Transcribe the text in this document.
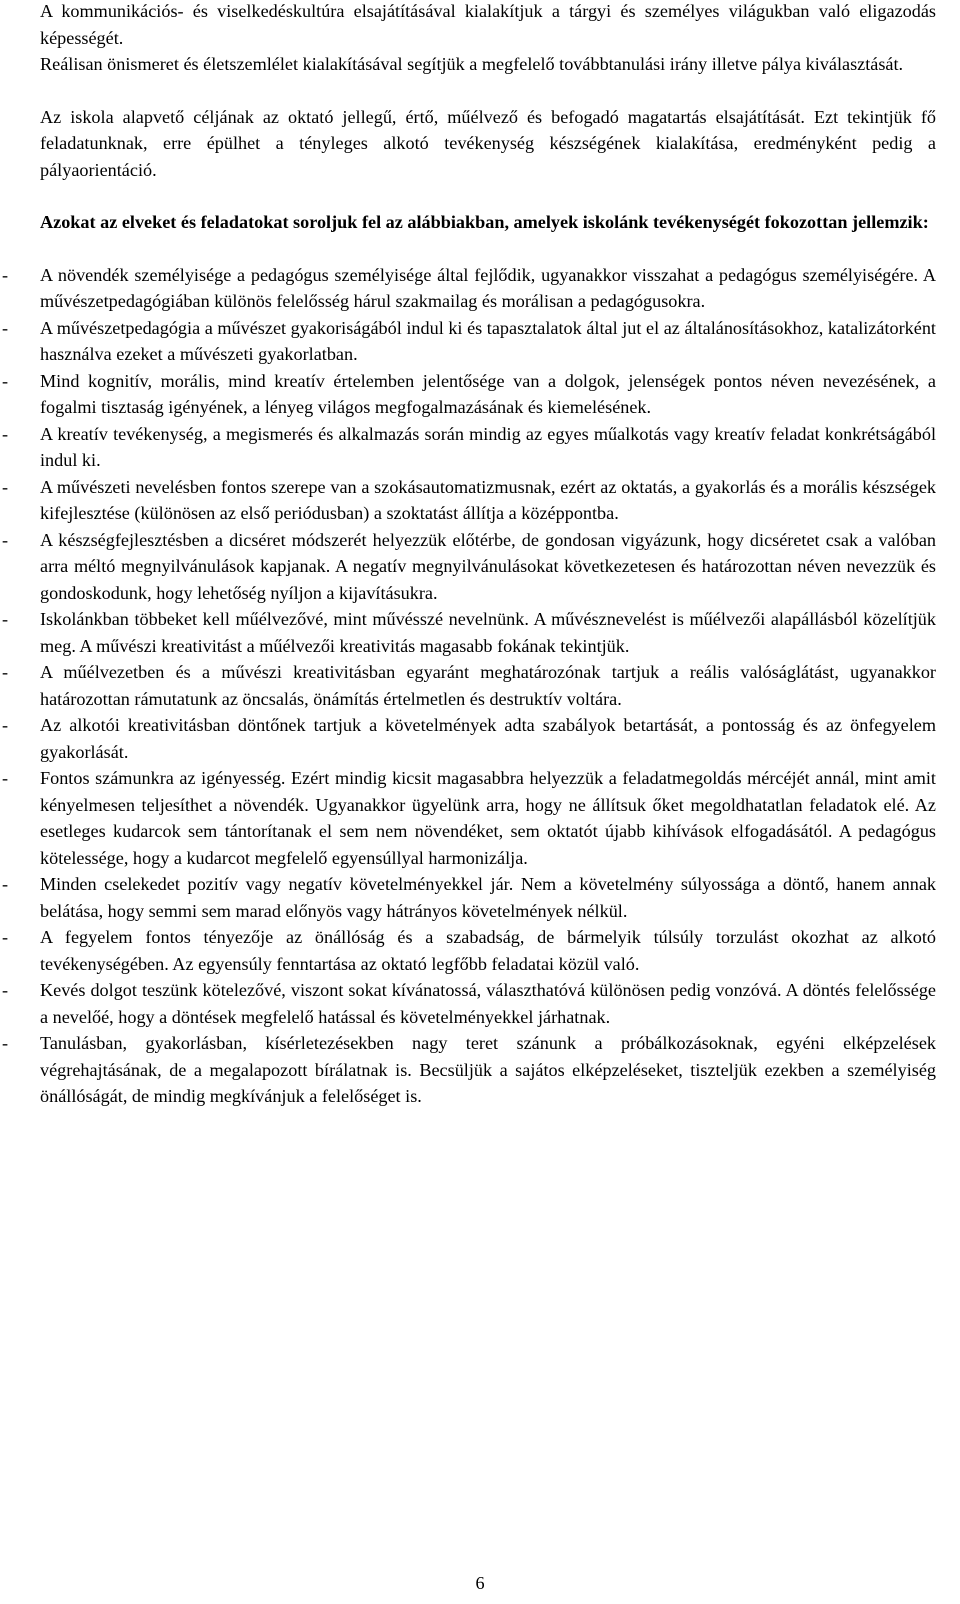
A kommunikációs- és viselkedéskultúra elsajátításával kialakítjuk a tárgyi és személyes világukban való eligazodás képességét.

Reálisan önismeret és életszemlélet kialakításával segítjük a megfelelő továbbtanulási irány illetve pálya kiválasztását.

Az iskola alapvető céljának az oktató jellegű, értő, műélvező és befogadó magatartás elsajátítását. Ezt tekintjük fő feladatunknak, erre épülhet a tényleges alkotó tevékenység készségének kialakítása, eredményként pedig a pályaorientáció.

Azokat az elveket és feladatokat soroljuk fel az alábbiakban, amelyek iskolánk tevékenységét fokozottan jellemzik:

- A növendék személyisége a pedagógus személyisége által fejlődik, ugyanakkor visszahat a pedagógus személyiségére. A művészetpedagógiában különös felelősség hárul szakmailag és morálisan a pedagógusokra.
- A művészetpedagógia a művészet gyakoriságából indul ki és tapasztalatok által jut el az általánosításokhoz, katalizátorként használva ezeket a művészeti gyakorlatban.
- Mind kognitív, morális, mind kreatív értelemben jelentősége van a dolgok, jelenségek pontos néven nevezésének, a fogalmi tisztaság igényének, a lényeg világos megfogalmazásának és kiemelésének.
- A kreatív tevékenység, a megismerés és alkalmazás során mindig az egyes műalkotás vagy kreatív feladat konkrétságából indul ki.
- A művészeti nevelésben fontos szerepe van a szokásautomatizmusnak, ezért az oktatás, a gyakorlás és a morális készségek kifejlesztése (különösen az első periódusban) a szoktatást állítja a középpontba.
- A készségfejlesztésben a dicséret módszerét helyezzük előtérbe, de gondosan vigyázunk, hogy dicséretet csak a valóban arra méltó megnyilvánulások kapjanak. A negatív megnyilvánulásokat következetesen és határozottan néven nevezzük és gondoskodunk, hogy lehetőség nyíljon a kijavításukra.
- Iskolánkban többeket kell műélvezővé, mint művésszé nevelnünk. A művésznevelést is műélvezői alapállásból közelítjük meg. A művészi kreativitást a műélvezői kreativitás magasabb fokának tekintjük.
- A műélvezetben és a művészi kreativitásban egyaránt meghatározónak tartjuk a reális valóságlátást, ugyanakkor határozottan rámutatunk az öncsalás, önámítás értelmetlen és destruktív voltára.
- Az alkotói kreativitásban döntőnek tartjuk a követelmények adta szabályok betartását, a pontosság és az önfegyelem gyakorlását.
- Fontos számunkra az igényesség. Ezért mindig kicsit magasabbra helyezzük a feladatmegoldás mércéjét annál, mint amit kényelmesen teljesíthet a növendék. Ugyanakkor ügyelünk arra, hogy ne állítsuk őket megoldhatatlan feladatok elé. Az esetleges kudarcok sem tántorítanak el sem nem növendéket, sem oktatót újabb kihívások elfogadásától. A pedagógus kötelessége, hogy a kudarcot megfelelő egyensúllyal harmonizálja.
- Minden cselekedet pozitív vagy negatív követelményekkel jár. Nem a követelmény súlyossága a döntő, hanem annak belátása, hogy semmi sem marad előnyös vagy hátrányos követelmények nélkül.
- A fegyelem fontos tényezője az önállóság és a szabadság, de bármelyik túlsúly torzulást okozhat az alkotó tevékenységében. Az egyensúly fenntartása az oktató legfőbb feladatai közül való.
- Kevés dolgot teszünk kötelezővé, viszont sokat kívánatossá, választhatóvá különösen pedig vonzóvá. A döntés felelőssége a nevelőé, hogy a döntések megfelelő hatással és követelményekkel járhatnak.
- Tanulásban, gyakorlásban, kísérletezésekben nagy teret szánunk a próbálkozásoknak, egyéni elképzelések végrehajtásának, de a megalapozott bírálatnak is. Becsüljük a sajátos elképzeléseket, tiszteljük ezekben a személyiség önállóságát, de mindig megkívánjuk a felelőséget is.
6
